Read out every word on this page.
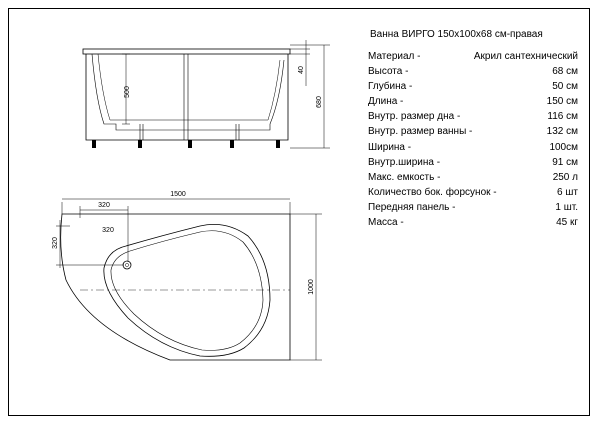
500
40
680
1500
320
320
1000
320
Ванна ВИРГО 150x100x68 см-правая
Материал -	Акрил сантехнический
Высота -	68 см
Глубина -	50 см
Длина -	150 см
Внутр. размер дна -	116 см
Внутр. размер ванны -	132 см
Ширина -	100см
Внутр.ширина -	91 см
Макс. емкость -	250 л
Количество бок. форсунок -	6 шт
Передняя панель -	1 шт.
Масса -	45 кг
